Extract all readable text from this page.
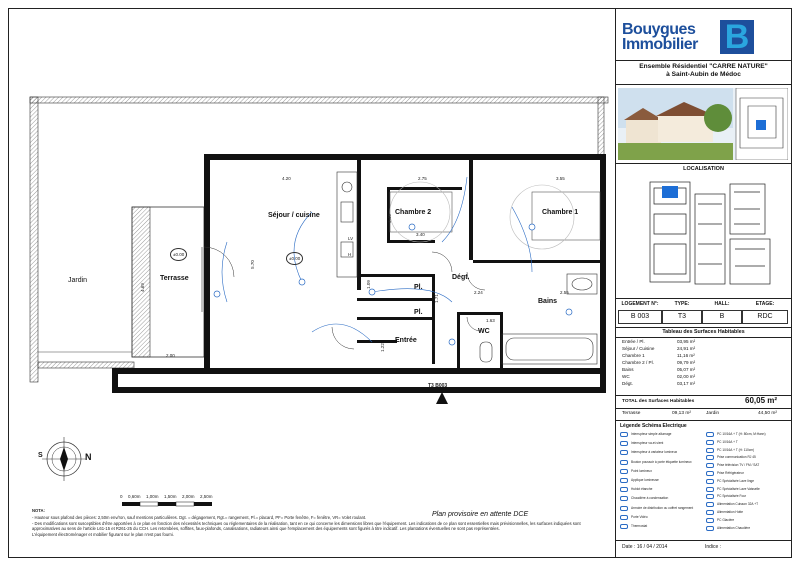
Séjour / cuisine	Chambre 2	Chambre 1
Dégt.
Bains
WC
Entrée
Pl.
Pl.
Terrasse
Jardin
4.20	2.75	3.55
3.45
2.55
2.24
1.63
1.22
1.71
1.09
2.00
4.69
5.70
3.40
LV
H
±0.00
±0.00
T3 B003
S	N
0 0,60m 1,00m 1,50m 2,00m 2,50m
Plan provisoire en attente DCE
NOTA:
- Hauteur sous plafond des pièces: 2,50m env/ron, sauf mentions particulières. Dgt. = dégagement, Rgt.= rangement, Pl.= placard, PF= Porte fenêtre, F= fenêtre, VR= Volet roulant.
- Des modifications sont susceptibles d'être apportées à ce plan en fonction des nécessités techniques ou réglementaires de la réalisation, tant en ce qui concerne les dimensions libres que l'équipement. Les indications de ce plan sont essentielles mais prévisionnelles, les surfaces indiquées sont approximatives au sens de l'article L61-15 et R261-25 du CCH. Les retombées, soffites, faux-plafonds, canalisations, radiateurs ainsi que l'emplacement des équipements sont figurés à titre indicatif. Les plantations éventuelles ne sont pas représentées.
L'équipement électroménager et mobilier figurant sur le plan n'est pas fourni.
Bouygues
Immobilier B
Ensemble Résidentiel "CARRE NATURE"
à Saint-Aubin de Médoc
LOCALISATION
LOGEMENT N°:	TYPE:	HALL:	ETAGE:
B 003	T3	B	RDC
Tableau des Surfaces Habitables
Entrée / Pl.	03,95 m²
Séjour / Cuisine	24,91 m²
Chambre 1	11,16 m²
Chambre 2 / Pl.	09,79 m²
Bains	05,07 m²
WC	02,00 m²
Dégt.	03,17 m²
TOTAL des Surfaces Habitables	60,05 m²
Terrasse	09,13 m²	Jardin	44,50 m²
Légende Schéma Electrique
Interrupteur simple allumage
Interrupteur va-et-vient
Interrupteur à variateur lumineux
Bouton poussoir à porte étiquette lumineux
Point lumineux
Applique lumineuse
Hublot étanche
Chaudière à condensation
Armoire de distribution ou coffret rangement
Porte Vidéo
Thermostat
PC 10/16A + T (H: 80cm, M:Hann)
PC 10/16A + T
PC 10/16A + T (H: 110cm)
Prise communication RJ 45
Prise télévision TV / FM / SAT
Prise Réfrigérateur
PC Spécialisée Lave linge
PC Spécialisée Lave Vaisselle
PC Spécialisée Four
Alimentation Cuisson 32A +T
Alimentation Hotte
PC Glacière
Alimentation Chaudière
Date : 16 / 04 / 2014	Indice :
